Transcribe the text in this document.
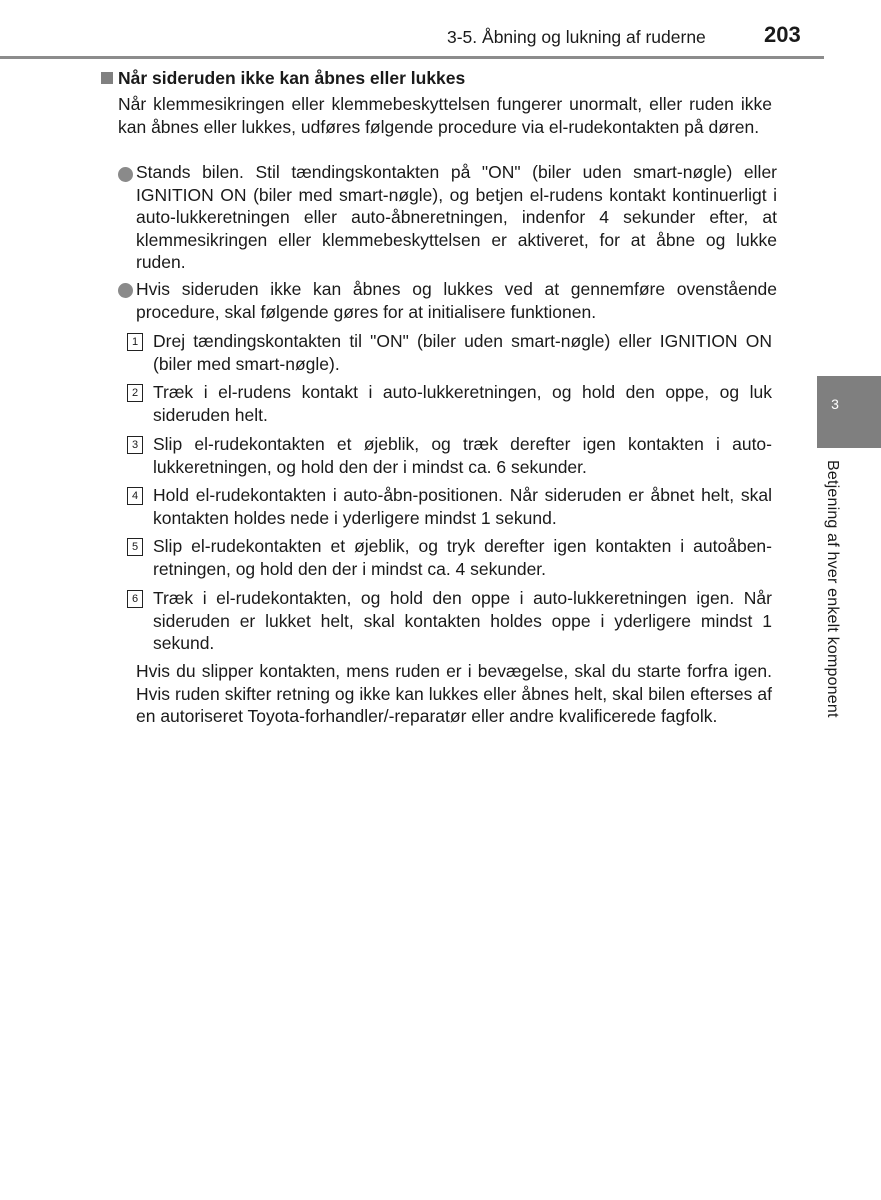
3-5. Åbning og lukning af ruderne	203
3
Betjening af hver enkelt komponent
Når sideruden ikke kan åbnes eller lukkes

Når klemmesikringen eller klemmebeskyttelsen fungerer unormalt, eller ruden ikke kan åbnes eller lukkes, udføres følgende procedure via el-rudekontakten på døren.

Stands bilen. Stil tændingskontakten på "ON" (biler uden smart-nøgle) eller IGNITION ON (biler med smart-nøgle), og betjen el-rudens kontakt kontinuerligt i auto-lukkeretningen eller auto-åbneretningen, indenfor 4 sekunder efter, at klemmesikringen eller klemmebeskyttelsen er aktiveret, for at åbne og lukke ruden.

Hvis sideruden ikke kan åbnes og lukkes ved at gennemføre ovenstående procedure, skal følgende gøres for at initialisere funktionen.

1 Drej tændingskontakten til "ON" (biler uden smart-nøgle) eller IGNITION ON (biler med smart-nøgle).

2 Træk i el-rudens kontakt i auto-lukkeretningen, og hold den oppe, og luk sideruden helt.

3 Slip el-rudekontakten et øjeblik, og træk derefter igen kontakten i autolukkeretningen, og hold den der i mindst ca. 6 sekunder.

4 Hold el-rudekontakten i auto-åbn-positionen. Når sideruden er åbnet helt, skal kontakten holdes nede i yderligere mindst 1 sekund.

5 Slip el-rudekontakten et øjeblik, og tryk derefter igen kontakten i autoåben-retningen, og hold den der i mindst ca. 4 sekunder.

6 Træk i el-rudekontakten, og hold den oppe i auto-lukkeretningen igen. Når sideruden er lukket helt, skal kontakten holdes oppe i yderligere mindst 1 sekund.

Hvis du slipper kontakten, mens ruden er i bevægelse, skal du starte forfra igen. Hvis ruden skifter retning og ikke kan lukkes eller åbnes helt, skal bilen efterses af en autoriseret Toyota-forhandler/-reparatør eller andre kvalificerede fagfolk.
